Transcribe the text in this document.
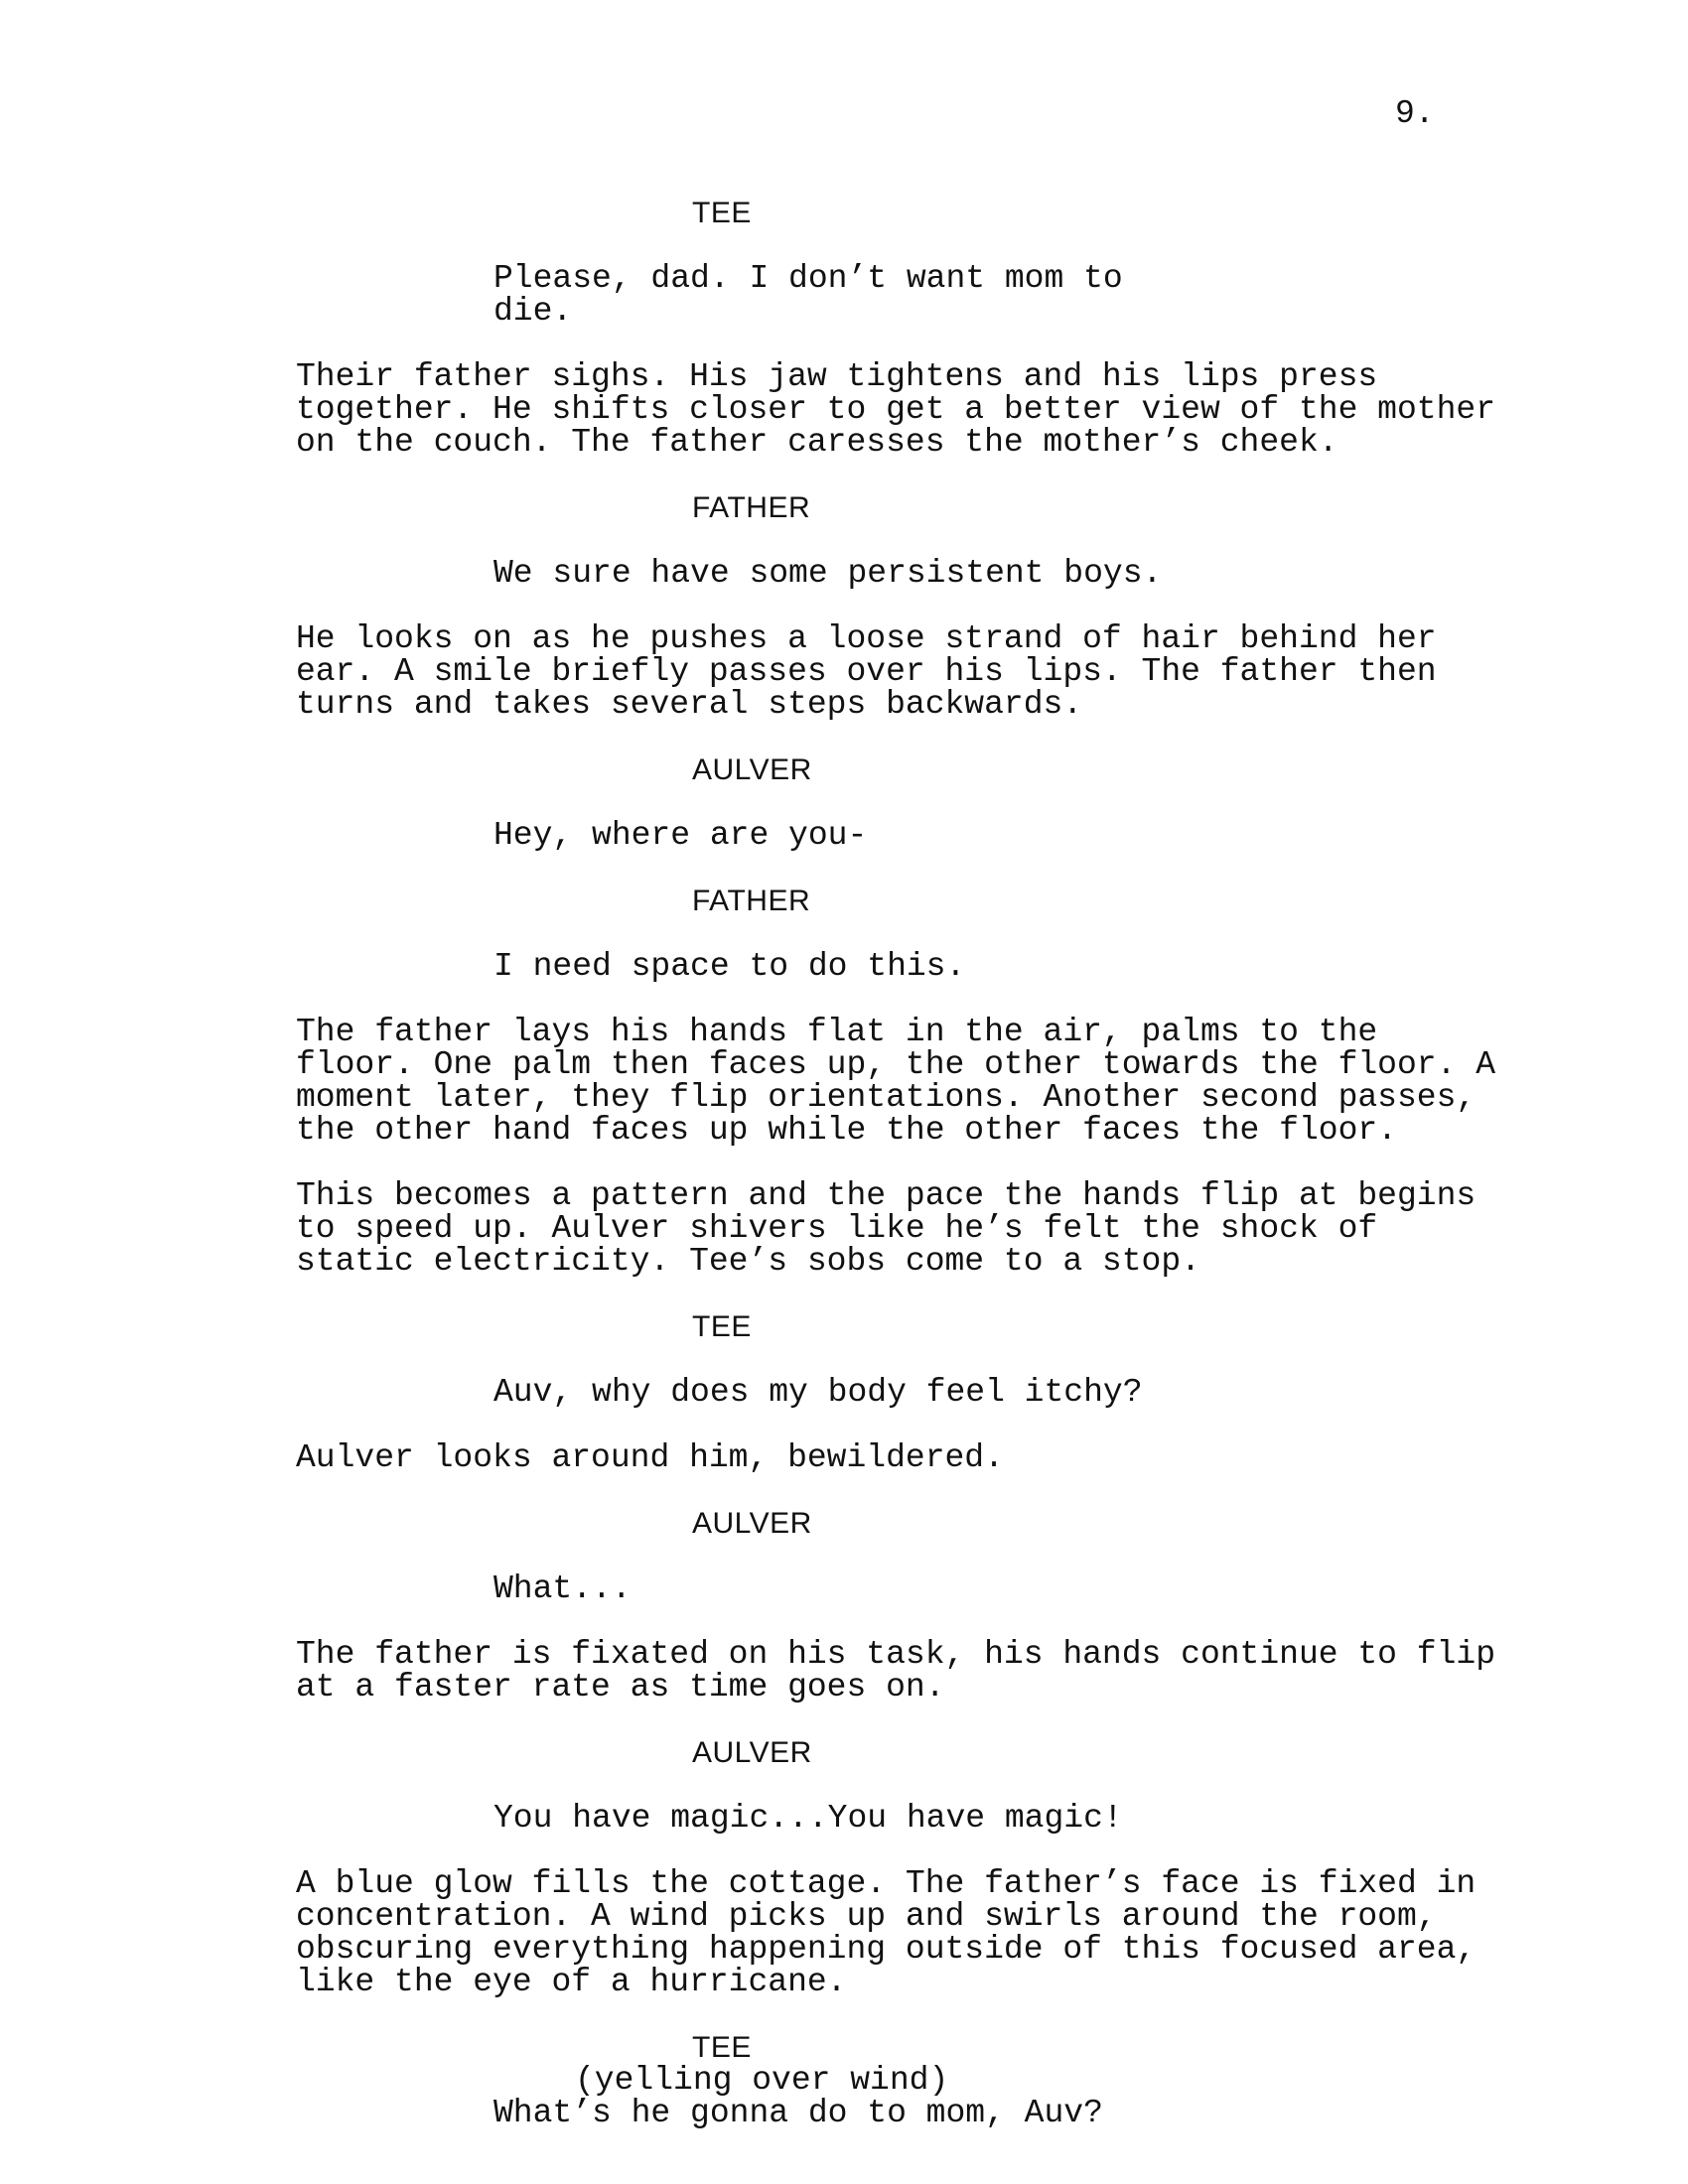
9.
TEE
Please, dad. I don’t want mom to
die.
Their father sighs. His jaw tightens and his lips press
together. He shifts closer to get a better view of the mother
on the couch. The father caresses the mother’s cheek.
FATHER
We sure have some persistent boys.
He looks on as he pushes a loose strand of hair behind her
ear. A smile briefly passes over his lips. The father then
turns and takes several steps backwards.
AULVER
Hey, where are you-
FATHER
I need space to do this.
The father lays his hands flat in the air, palms to the
floor. One palm then faces up, the other towards the floor. A
moment later, they flip orientations. Another second passes,
the other hand faces up while the other faces the floor.
This becomes a pattern and the pace the hands flip at begins
to speed up. Aulver shivers like he’s felt the shock of
static electricity. Tee’s sobs come to a stop.
TEE
Auv, why does my body feel itchy?
Aulver looks around him, bewildered.
AULVER
What...
The father is fixated on his task, his hands continue to flip
at a faster rate as time goes on.
AULVER
You have magic...You have magic!
A blue glow fills the cottage. The father’s face is fixed in
concentration. A wind picks up and swirls around the room,
obscuring everything happening outside of this focused area,
like the eye of a hurricane.
TEE
(yelling over wind)
What’s he gonna do to mom, Auv?
